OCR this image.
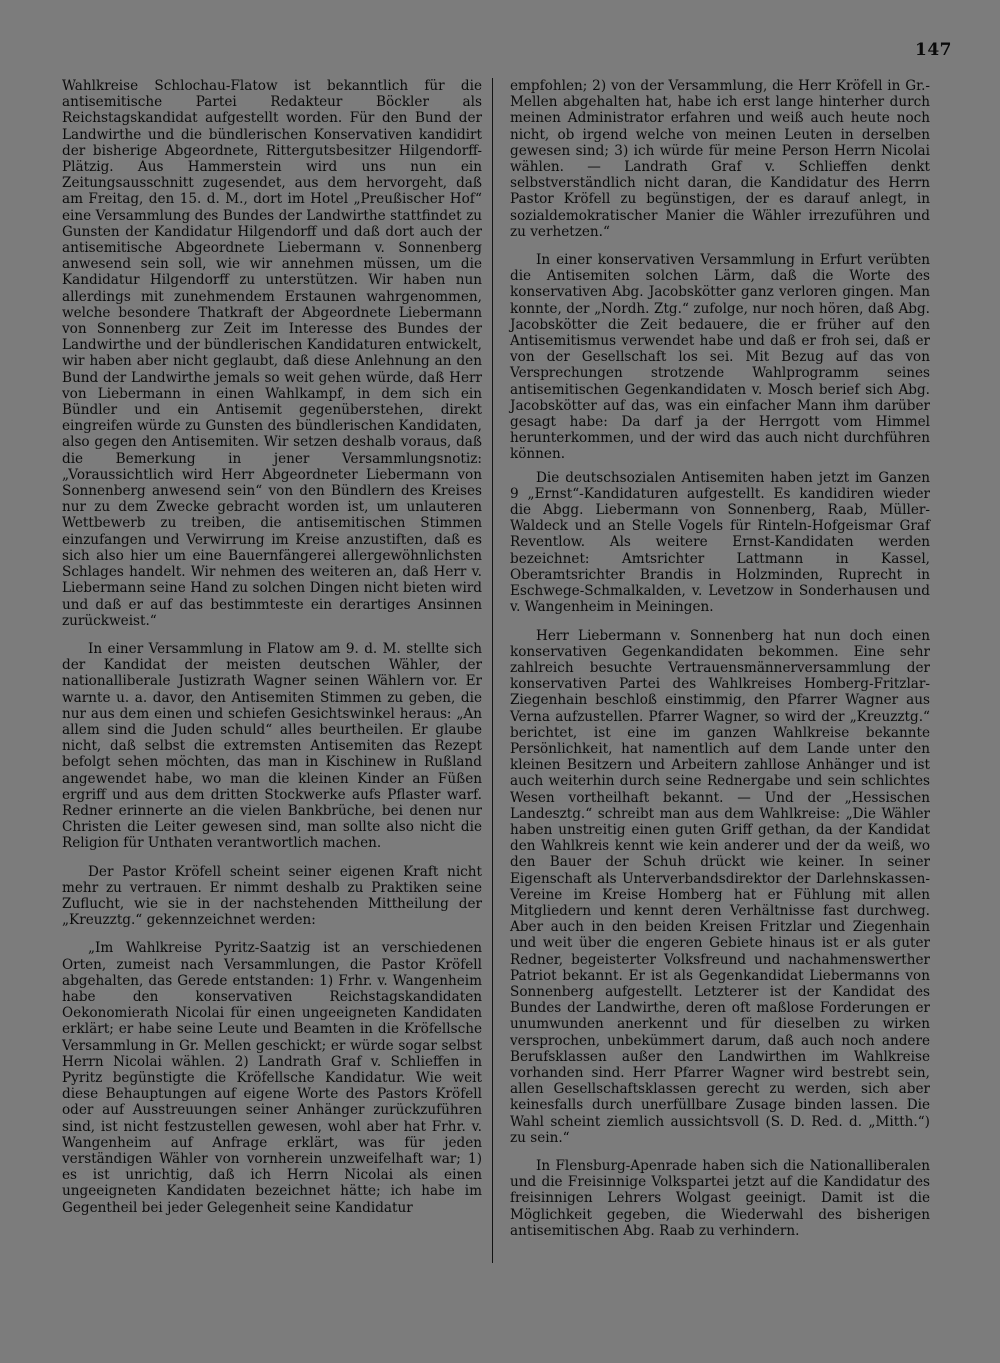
147

Wahlkreise Schlochau-Flatow ist bekanntlich für die antisemitische Partei Redakteur Böckler als Reichstagskandidat aufgestellt worden. Für den Bund der Landwirthe und die bündlerischen Konservativen kandidirt der bisherige Abgeordnete, Rittergutsbesitzer Hilgendorff-Plätzig. Aus Hammerstein wird uns nun ein Zeitungsausschnitt zugesendet, aus dem hervorgeht, daß am Freitag, den 15. d. M., dort im Hotel „Preußischer Hof“ eine Versammlung des Bundes der Landwirthe stattfindet zu Gunsten der Kandidatur Hilgendorff und daß dort auch der antisemitische Abgeordnete Liebermann v. Sonnenberg anwesend sein soll, wie wir annehmen müssen, um die Kandidatur Hilgendorff zu unterstützen. Wir haben nun allerdings mit zunehmendem Erstaunen wahrgenommen, welche besondere Thatkraft der Abgeordnete Liebermann von Sonnenberg zur Zeit im Interesse des Bundes der Landwirthe und der bündlerischen Kandidaturen entwickelt, wir haben aber nicht geglaubt, daß diese Anlehnung an den Bund der Landwirthe jemals so weit gehen würde, daß Herr von Liebermann in einen Wahlkampf, in dem sich ein Bündler und ein Antisemit gegenüberstehen, direkt eingreifen würde zu Gunsten des bündlerischen Kandidaten, also gegen den Antisemiten. Wir setzen deshalb voraus, daß die Bemerkung in jener Versammlungsnotiz: „Voraussichtlich wird Herr Abgeordneter Liebermann von Sonnenberg anwesend sein“ von den Bündlern des Kreises nur zu dem Zwecke gebracht worden ist, um unlauteren Wettbewerb zu treiben, die antisemitischen Stimmen einzufangen und Verwirrung im Kreise anzustiften, daß es sich also hier um eine Bauernfängerei allergewöhnlichsten Schlages handelt. Wir nehmen des weiteren an, daß Herr v. Liebermann seine Hand zu solchen Dingen nicht bieten wird und daß er auf das bestimmteste ein derartiges Ansinnen zurückweist.“

In einer Versammlung in Flatow am 9. d. M. stellte sich der Kandidat der meisten deutschen Wähler, der nationalliberale Justizrath Wagner seinen Wählern vor. Er warnte u. a. davor, den Antisemiten Stimmen zu geben, die nur aus dem einen und schiefen Gesichtswinkel heraus: „An allem sind die Juden schuld“ alles beurtheilen. Er glaube nicht, daß selbst die extremsten Antisemiten das Rezept befolgt sehen möchten, das man in Kischinew in Rußland angewendet habe, wo man die kleinen Kinder an Füßen ergriff und aus dem dritten Stockwerke aufs Pflaster warf. Redner erinnerte an die vielen Bankbrüche, bei denen nur Christen die Leiter gewesen sind, man sollte also nicht die Religion für Unthaten verantwortlich machen.

Der Pastor Kröfell scheint seiner eigenen Kraft nicht mehr zu vertrauen. Er nimmt deshalb zu Praktiken seine Zuflucht, wie sie in der nachstehenden Mittheilung der „Kreuzztg.“ gekennzeichnet werden:

„Im Wahlkreise Pyritz-Saatzig ist an verschiedenen Orten, zumeist nach Versammlungen, die Pastor Kröfell abgehalten, das Gerede entstanden: 1) Frhr. v. Wangenheim habe den konservativen Reichstagskandidaten Oekonomierath Nicolai für einen ungeeigneten Kandidaten erklärt; er habe seine Leute und Beamten in die Kröfellsche Versammlung in Gr. Mellen geschickt; er würde sogar selbst Herrn Nicolai wählen. 2) Landrath Graf v. Schlieffen in Pyritz begünstigte die Kröfellsche Kandidatur. Wie weit diese Behauptungen auf eigene Worte des Pastors Kröfell oder auf Ausstreuungen seiner Anhänger zurückzuführen sind, ist nicht festzustellen gewesen, wohl aber hat Frhr. v. Wangenheim auf Anfrage erklärt, was für jeden verständigen Wähler von vornherein unzweifelhaft war; 1) es ist unrichtig, daß ich Herrn Nicolai als einen ungeeigneten Kandidaten bezeichnet hätte; ich habe im Gegentheil bei jeder Gelegenheit seine Kandidatur

empfohlen; 2) von der Versammlung, die Herr Kröfell in Gr.-Mellen abgehalten hat, habe ich erst lange hinterher durch meinen Administrator erfahren und weiß auch heute noch nicht, ob irgend welche von meinen Leuten in derselben gewesen sind; 3) ich würde für meine Person Herrn Nicolai wählen. — Landrath Graf v. Schlieffen denkt selbstverständlich nicht daran, die Kandidatur des Herrn Pastor Kröfell zu begünstigen, der es darauf anlegt, in sozialdemokratischer Manier die Wähler irrezuführen und zu verhetzen.“

In einer konservativen Versammlung in Erfurt verübten die Antisemiten solchen Lärm, daß die Worte des konservativen Abg. Jacobskötter ganz verloren gingen. Man konnte, der „Nordh. Ztg.“ zufolge, nur noch hören, daß Abg. Jacobskötter die Zeit bedauere, die er früher auf den Antisemitismus verwendet habe und daß er froh sei, daß er von der Gesellschaft los sei. Mit Bezug auf das von Versprechungen strotzende Wahlprogramm seines antisemitischen Gegenkandidaten v. Mosch berief sich Abg. Jacobskötter auf das, was ein einfacher Mann ihm darüber gesagt habe: Da darf ja der Herrgott vom Himmel herunterkommen, und der wird das auch nicht durchführen können.

Die deutschsozialen Antisemiten haben jetzt im Ganzen 9 „Ernst“-Kandidaturen aufgestellt. Es kandidiren wieder die Abgg. Liebermann von Sonnenberg, Raab, Müller-Waldeck und an Stelle Vogels für Rinteln-Hofgeismar Graf Reventlow. Als weitere Ernst-Kandidaten werden bezeichnet: Amtsrichter Lattmann in Kassel, Oberamtsrichter Brandis in Holzminden, Ruprecht in Eschwege-Schmalkalden, v. Levetzow in Sonderhausen und v. Wangenheim in Meiningen.

Herr Liebermann v. Sonnenberg hat nun doch einen konservativen Gegenkandidaten bekommen. Eine sehr zahlreich besuchte Vertrauensmännerversammlung der konservativen Partei des Wahlkreises Homberg-Fritzlar-Ziegenhain beschloß einstimmig, den Pfarrer Wagner aus Verna aufzustellen. Pfarrer Wagner, so wird der „Kreuzztg.“ berichtet, ist eine im ganzen Wahlkreise bekannte Persönlichkeit, hat namentlich auf dem Lande unter den kleinen Besitzern und Arbeitern zahllose Anhänger und ist auch weiterhin durch seine Rednergabe und sein schlichtes Wesen vortheilhaft bekannt. — Und der „Hessischen Landesztg.“ schreibt man aus dem Wahlkreise: „Die Wähler haben unstreitig einen guten Griff gethan, da der Kandidat den Wahlkreis kennt wie kein anderer und der da weiß, wo den Bauer der Schuh drückt wie keiner. In seiner Eigenschaft als Unterverbandsdirektor der Darlehnskassen-Vereine im Kreise Homberg hat er Fühlung mit allen Mitgliedern und kennt deren Verhältnisse fast durchweg. Aber auch in den beiden Kreisen Fritzlar und Ziegenhain und weit über die engeren Gebiete hinaus ist er als guter Redner, begeisterter Volksfreund und nachahmenswerther Patriot bekannt. Er ist als Gegenkandidat Liebermanns von Sonnenberg aufgestellt. Letzterer ist der Kandidat des Bundes der Landwirthe, deren oft maßlose Forderungen er unumwunden anerkennt und für dieselben zu wirken versprochen, unbekümmert darum, daß auch noch andere Berufsklassen außer den Landwirthen im Wahlkreise vorhanden sind. Herr Pfarrer Wagner wird bestrebt sein, allen Gesellschaftsklassen gerecht zu werden, sich aber keinesfalls durch unerfüllbare Zusage binden lassen. Die Wahl scheint ziemlich aussichtsvoll (S. D. Red. d. „Mitth.“) zu sein.“

In Flensburg-Apenrade haben sich die Nationalliberalen und die Freisinnige Volkspartei jetzt auf die Kandidatur des freisinnigen Lehrers Wolgast geeinigt. Damit ist die Möglichkeit gegeben, die Wiederwahl des bisherigen antisemitischen Abg. Raab zu verhindern.
